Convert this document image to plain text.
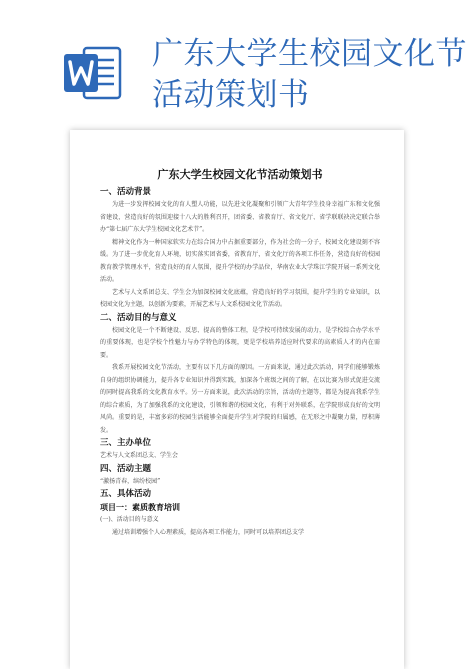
广东大学生校园文化节
活动策划书
广东大学生校园文化节活动策划书
一、活动背景
为进一步发挥校园文化的育人塑人功能，以先进文化凝聚和引领广大青年学生投身幸福广东和文化强省建设，营造良好的氛围迎接十八大的胜利召开，团省委、省教育厅、省文化厅、省学联联袂决定联合举办“第七届广东大学生校园文化艺术节”。
精神文化作为一种国家软实力在综合国力中占据重要部分，作为社会的一分子，校园文化建设刻不容缓。为了进一步优化育人环境，切实落实团省委，省教育厅，省文化厅的各项工作任务，营造良好的校园教育教学管理水平，营造良好的育人氛围，提升学校的办学品位，华南农业大学珠江学院开展一系列文化活动。
艺术与人文系团总支、学生会为加深校园文化底蕴，营造良好的学习氛围，提升学生的专业知识，以校园文化为主题，以创新为要素，开展艺术与人文系校园文化节活动。
二、活动目的与意义
校园文化是一个不断建设、反思、提高的整体工程，是学校可持续发展的动力，是学校综合办学水平的重要体现，也是学校个性魅力与办学特色的体现，更是学校培养适应时代要求的高素质人才的内在需要。
我系开展校园文化节活动，主要有以下几方面的原因。一方面来说，通过此次活动，同学们能够锻炼自身的组织协调能力，提升各专业知识并得到实践，加深各个班级之间的了解，在以比赛为形式促进交流的同时提高我系的文化教育水平。另一方面来说，此次活动的宗旨，活动的主题等，都是为提高我系学生的综合素质，为了加强我系的文化建设，引领和谐的校园文化，有利于对外联系，在学院形成良好的文明风尚。重要的是，丰富多彩的校园生活能够全面提升学生对学院的归属感，在无形之中凝聚力量，厚积薄发。
三、主办单位
艺术与人文系团总支、学生会
四、活动主题
“激扬青春，缤纷校园”
五、具体活动
项目一：素质教育培训
(一)、活动目的与意义
通过培训增强个人心理素质，提高各项工作能力，同时可以培养团总支学
